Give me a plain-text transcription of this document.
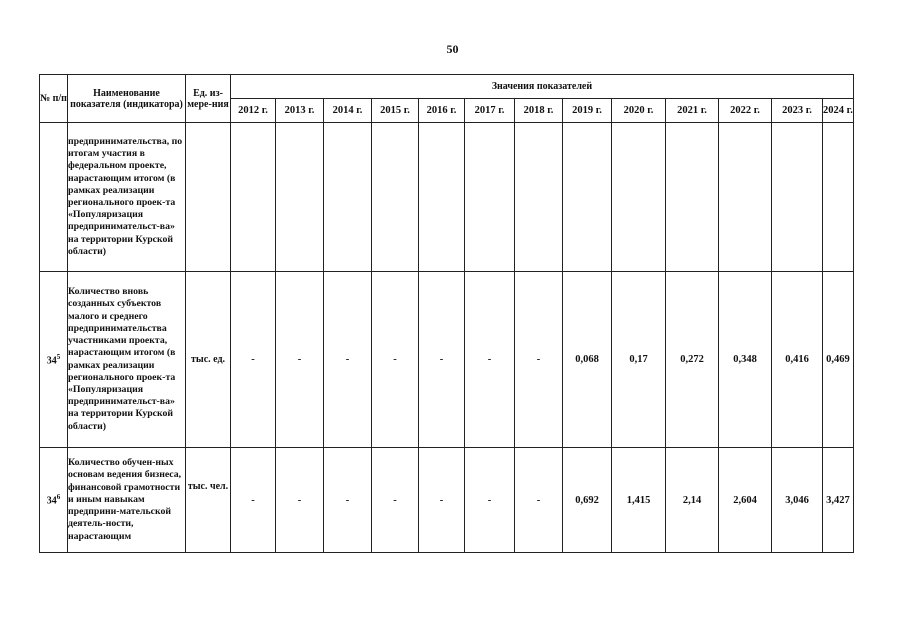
50
№ п/п	Наименование показателя (индикатора)	Ед. из-мере-ния	Значения показателей												
			2012 г.	2013 г.	2014 г.	2015 г.	2016 г.	2017 г.	2018 г.	2019 г.	2020 г.	2021 г.	2022 г.	2023 г.	2024 г.
	предпринимательства, по итогам участия в федеральном проекте, нарастающим итогом (в рамках реализации регионального проек-та «Популяризация предпринимательст-ва» на территории Курской области)														
$34^5$	Количество вновь созданных субъектов малого и среднего предпринимательства участниками проекта, нарастающим итогом (в рамках реализации регионального проек-та «Популяризация предпринимательст-ва» на территории Курской области)	тыс. ед.	-	-	-	-	-	-	-	0,068	0,17	0,272	0,348	0,416	0,469
$34^6$	Количество обучен-ных основам ведения бизнеса, финансовой грамотности и иным навыкам предприни-мательской деятель-ности, нарастающим	тыс. чел.	-	-	-	-	-	-	-	0,692	1,415	2,14	2,604	3,046	3,427
